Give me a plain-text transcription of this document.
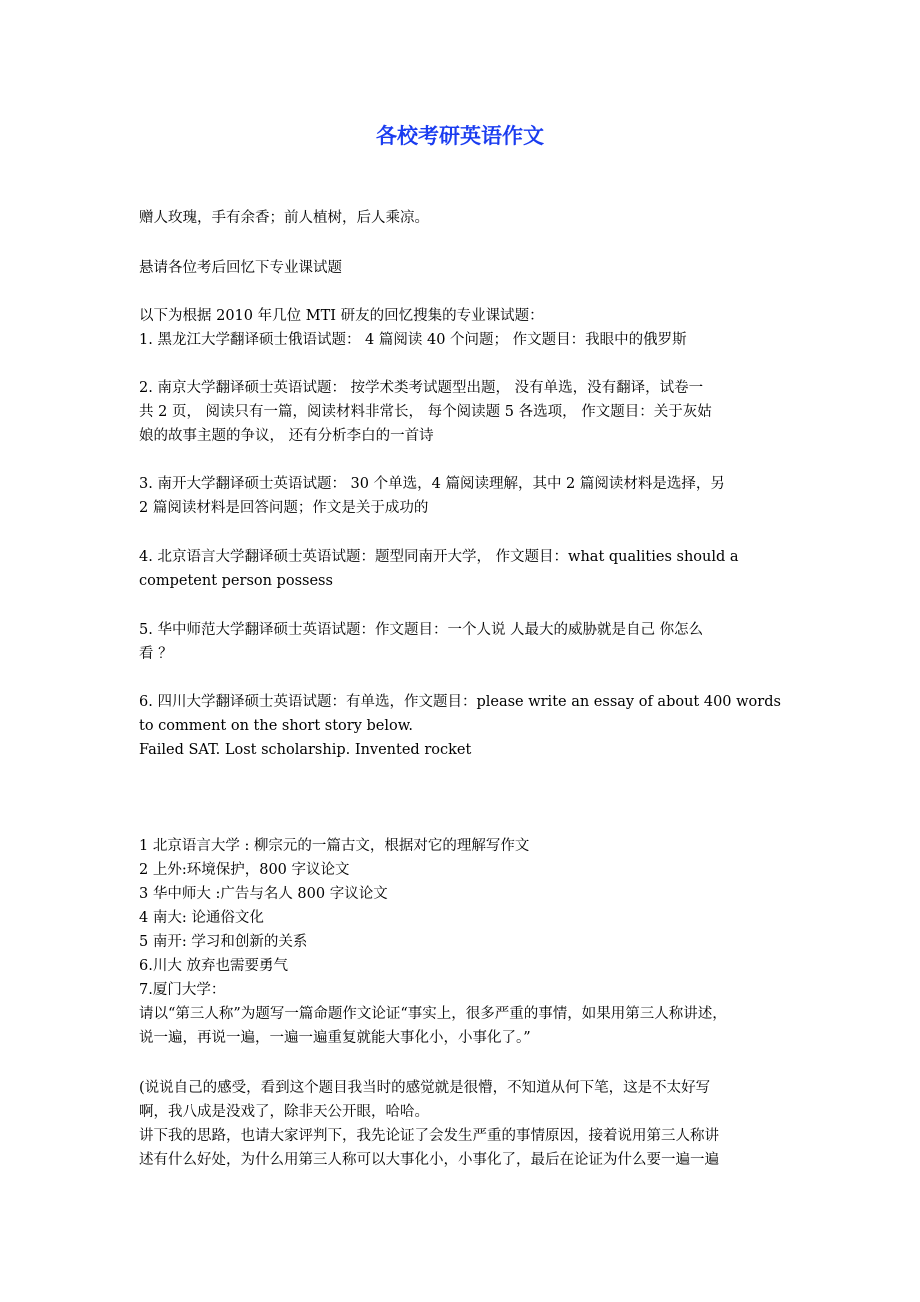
各校考研英语作文
赠人玫瑰，手有余香；前人植树，后人乘凉。
悬请各位考后回忆下专业课试题
以下为根据 2010 年几位 MTI 研友的回忆搜集的专业课试题：
1. 黑龙江大学翻译硕士俄语试题： 4 篇阅读 40 个问题； 作文题目：我眼中的俄罗斯
2. 南京大学翻译硕士英语试题： 按学术类考试题型出题， 没有单选，没有翻译，试卷一
共 2 页， 阅读只有一篇，阅读材料非常长， 每个阅读题 5 各选项， 作文题目：关于灰姑
娘的故事主题的争议， 还有分析李白的一首诗
3. 南开大学翻译硕士英语试题： 30 个单选，4 篇阅读理解，其中 2 篇阅读材料是选择，另
2 篇阅读材料是回答问题；作文是关于成功的
4. 北京语言大学翻译硕士英语试题：题型同南开大学， 作文题目：what qualities should a
competent person possess
5. 华中师范大学翻译硕士英语试题：作文题目：一个人说 人最大的威胁就是自己 你怎么
看 ？
6. 四川大学翻译硕士英语试题：有单选，作文题目：please write an essay of about 400 words
to comment on the short story below.
Failed SAT. Lost scholarship. Invented rocket
1 北京语言大学 : 柳宗元的一篇古文，根据对它的理解写作文
2 上外:环境保护，800 字议论文
3 华中师大 :广告与名人 800 字议论文
4 南大: 论通俗文化
5 南开: 学习和创新的关系
6.川大 放弃也需要勇气
7.厦门大学：
请以“第三人称”为题写一篇命题作文论证“事实上，很多严重的事情，如果用第三人称讲述，
说一遍，再说一遍，一遍一遍重复就能大事化小，小事化了。”
(说说自己的感受，看到这个题目我当时的感觉就是很懵，不知道从何下笔，这是不太好写
啊，我八成是没戏了，除非天公开眼，哈哈。
讲下我的思路，也请大家评判下，我先论证了会发生严重的事情原因，接着说用第三人称讲
述有什么好处，为什么用第三人称可以大事化小，小事化了，最后在论证为什么要一遍一遍
